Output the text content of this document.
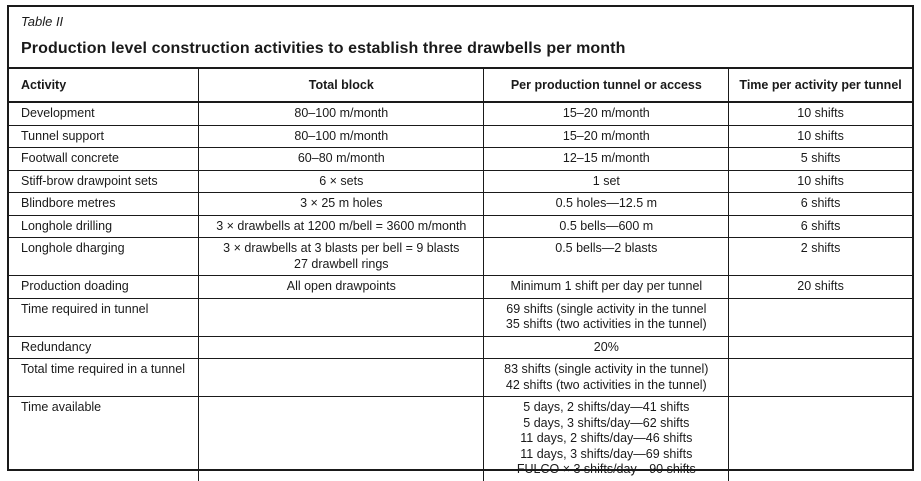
Table II
Production level construction activities to establish three drawbells per month
Activity	Total block	Per production tunnel or access	Time per activity per tunnel
Development	80–100 m/month	15–20 m/month	10 shifts

Tunnel support	80–100 m/month	15–20 m/month	10 shifts

Footwall concrete	60–80 m/month	12–15 m/month	5 shifts

Stiff-brow drawpoint sets	6 × sets	1 set	10 shifts

Blindbore metres	3 × 25 m holes	0.5 holes—12.5 m	6 shifts

Longhole drilling	3 × drawbells at 1200 m/bell = 3600 m/month	0.5 bells—600 m	6 shifts

Longhole dharging	3 × drawbells at 3 blasts per bell = 9 blasts
27 drawbell rings	0.5 bells—2 blasts	2 shifts

Production doading	All open drawpoints	Minimum 1 shift per day per tunnel	20 shifts

Time required in tunnel		69 shifts (single activity in the tunnel
35 shifts (two activities in the tunnel)	

Redundancy		20%	

Total time required in a tunnel		83 shifts (single activity in the tunnel)
42 shifts (two activities in the tunnel)	

Time available		5 days, 2 shifts/day—41 shifts
5 days, 3 shifts/day—62 shifts
11 days, 2 shifts/day—46 shifts
11 days, 3 shifts/day—69 shifts
FULCO × 3 shifts/day—90 shifts	
